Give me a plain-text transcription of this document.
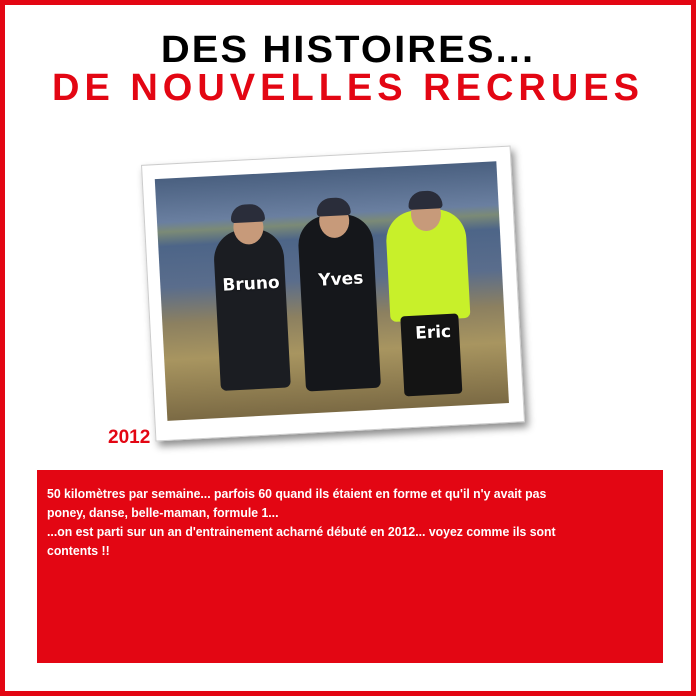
DES HISTOIRES...
DE NOUVELLES RECRUES
Bruno Yves
Eric
2012

50 kilomètres par semaine... parfois 60 quand ils étaient en forme et qu'il n'y avait pas
poney, danse, belle-maman, formule 1...
...on est parti sur un an d'entrainement acharné débuté en 2012... voyez comme ils sont
contents !!
